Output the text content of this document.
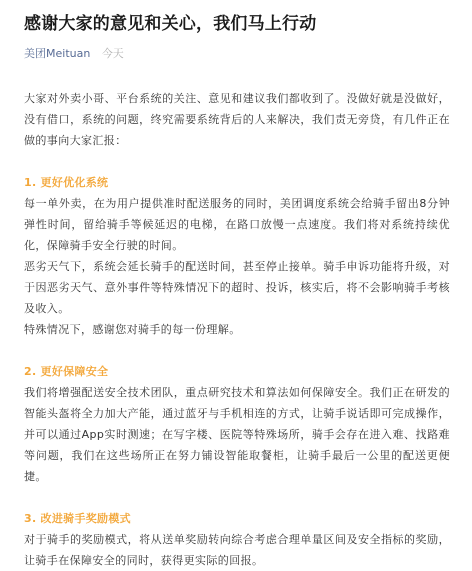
感谢大家的意见和关心，我们马上行动
美团Meituan 今天

大家对外卖小哥、平台系统的关注、意见和建议我们都收到了。没做好就是没做好，没有借口，系统的问题，终究需要系统背后的人来解决，我们责无旁贷，有几件正在做的事向大家汇报：

1. 更好优化系统

每一单外卖，在为用户提供准时配送服务的同时，美团调度系统会给骑手留出8分钟弹性时间，留给骑手等候延迟的电梯，在路口放慢一点速度。我们将对系统持续优化，保障骑手安全行驶的时间。

恶劣天气下，系统会延长骑手的配送时间，甚至停止接单。骑手申诉功能将升级，对于因恶劣天气、意外事件等特殊情况下的超时、投诉，核实后，将不会影响骑手考核及收入。

特殊情况下，感谢您对骑手的每一份理解。

2. 更好保障安全

我们将增强配送安全技术团队，重点研究技术和算法如何保障安全。我们正在研发的智能头盔将全力加大产能，通过蓝牙与手机相连的方式，让骑手说话即可完成操作，并可以通过App实时测速；在写字楼、医院等特殊场所，骑手会存在进入难、找路难等问题，我们在这些场所正在努力铺设智能取餐柜，让骑手最后一公里的配送更便捷。

3. 改进骑手奖励模式

对于骑手的奖励模式，将从送单奖励转向综合考虑合理单量区间及安全指标的奖励，让骑手在保障安全的同时，获得更实际的回报。
